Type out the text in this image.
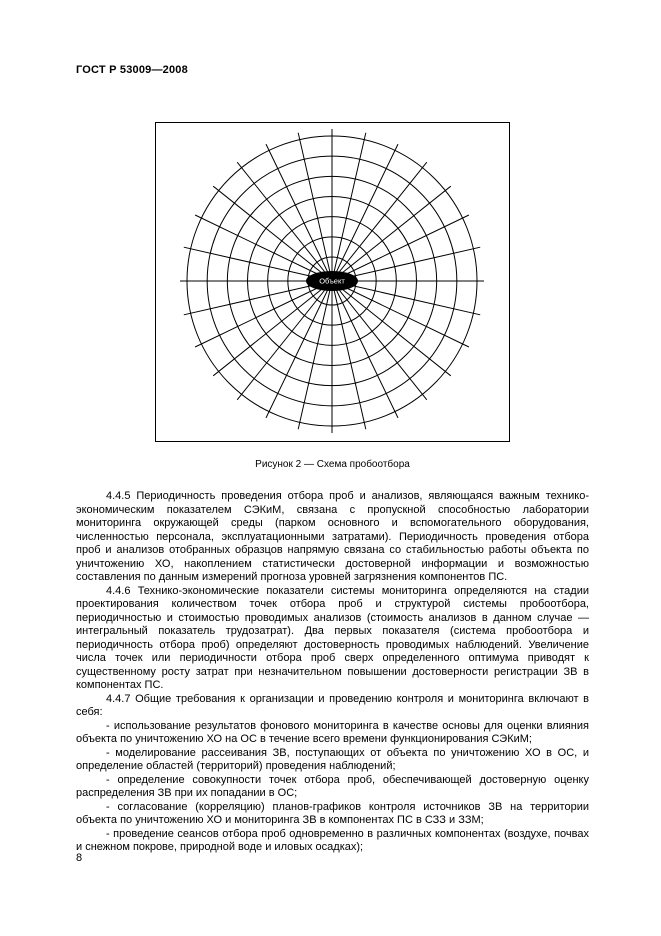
ГОСТ Р 53009—2008
Объект
Рисунок 2 — Схема пробоотбора

4.4.5 Периодичность проведения отбора проб и анализов, являющаяся важным технико-экономическим показателем СЭКиМ, связана с пропускной способностью лаборатории мониторинга окружающей среды (парком основного и вспомогательного оборудования, численностью персонала, эксплуатационными затратами). Периодичность проведения отбора проб и анализов отобранных образцов напрямую связана со стабильностью работы объекта по уничтожению ХО, накоплением статистически достоверной информации и возможностью составления по данным измерений прогноза уровней загрязнения компонентов ПС.

4.4.6 Технико-экономические показатели системы мониторинга определяются на стадии проектирования количеством точек отбора проб и структурой системы пробоотбора, периодичностью и стоимостью проводимых анализов (стоимость анализов в данном случае — интегральный показатель трудозатрат). Два первых показателя (система пробоотбора и периодичность отбора проб) определяют достоверность проводимых наблюдений. Увеличение числа точек или периодичности отбора проб сверх определенного оптимума приводят к существенному росту затрат при незначительном повышении достоверности регистрации ЗВ в компонентах ПС.

4.4.7 Общие требования к организации и проведению контроля и мониторинга включают в себя:

- использование результатов фонового мониторинга в качестве основы для оценки влияния объекта по уничтожению ХО на ОС в течение всего времени функционирования СЭКиМ;

- моделирование рассеивания ЗВ, поступающих от объекта по уничтожению ХО в ОС, и определение областей (территорий) проведения наблюдений;

- определение совокупности точек отбора проб, обеспечивающей достоверную оценку распределения ЗВ при их попадании в ОС;

- согласование (корреляцию) планов-графиков контроля источников ЗВ на территории объекта по уничтожению ХО и мониторинга ЗВ в компонентах ПС в СЗЗ и ЗЗМ;

- проведение сеансов отбора проб одновременно в различных компонентах (воздухе, почвах и снежном покрове, природной воде и иловых осадках);

8
